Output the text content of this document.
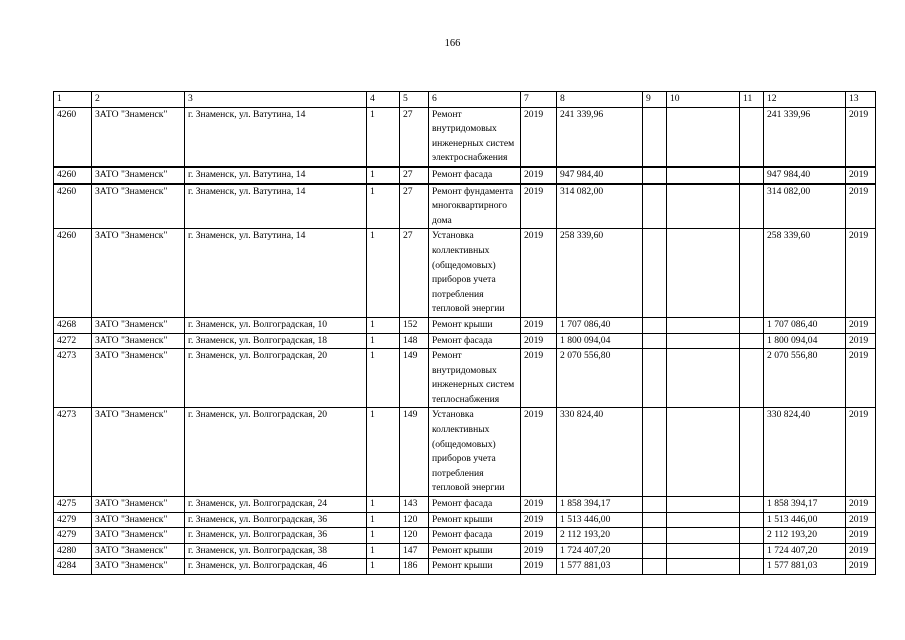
166
1	2	3	4	5	6	7	8	9	10	11	12	13
4260	ЗАТО "Знаменск"	г. Знаменск, ул. Ватутина, 14	1	27	Ремонт внутридомовых инженерных систем электроснабжения	2019	241 339,96				241 339,96	2019
4260	ЗАТО "Знаменск"	г. Знаменск, ул. Ватутина, 14	1	27	Ремонт фасада	2019	947 984,40				947 984,40	2019
4260	ЗАТО "Знаменск"	г. Знаменск, ул. Ватутина, 14	1	27	Ремонт фундамента многоквартирного дома	2019	314 082,00				314 082,00	2019
4260	ЗАТО "Знаменск"	г. Знаменск, ул. Ватутина, 14	1	27	Установка коллективных (общедомовых) приборов учета потребления тепловой энергии	2019	258 339,60				258 339,60	2019
4268	ЗАТО "Знаменск"	г. Знаменск, ул. Волгоградская, 10	1	152	Ремонт крыши	2019	1 707 086,40				1 707 086,40	2019
4272	ЗАТО "Знаменск"	г. Знаменск, ул. Волгоградская, 18	1	148	Ремонт фасада	2019	1 800 094,04				1 800 094,04	2019
4273	ЗАТО "Знаменск"	г. Знаменск, ул. Волгоградская, 20	1	149	Ремонт внутридомовых инженерных систем теплоснабжения	2019	2 070 556,80				2 070 556,80	2019
4273	ЗАТО "Знаменск"	г. Знаменск, ул. Волгоградская, 20	1	149	Установка коллективных (общедомовых) приборов учета потребления тепловой энергии	2019	330 824,40				330 824,40	2019
4275	ЗАТО "Знаменск"	г. Знаменск, ул. Волгоградская, 24	1	143	Ремонт фасада	2019	1 858 394,17				1 858 394,17	2019
4279	ЗАТО "Знаменск"	г. Знаменск, ул. Волгоградская, 36	1	120	Ремонт крыши	2019	1 513 446,00				1 513 446,00	2019
4279	ЗАТО "Знаменск"	г. Знаменск, ул. Волгоградская, 36	1	120	Ремонт фасада	2019	2 112 193,20				2 112 193,20	2019
4280	ЗАТО "Знаменск"	г. Знаменск, ул. Волгоградская, 38	1	147	Ремонт крыши	2019	1 724 407,20				1 724 407,20	2019
4284	ЗАТО "Знаменск"	г. Знаменск, ул. Волгоградская, 46	1	186	Ремонт крыши	2019	1 577 881,03				1 577 881,03	2019
